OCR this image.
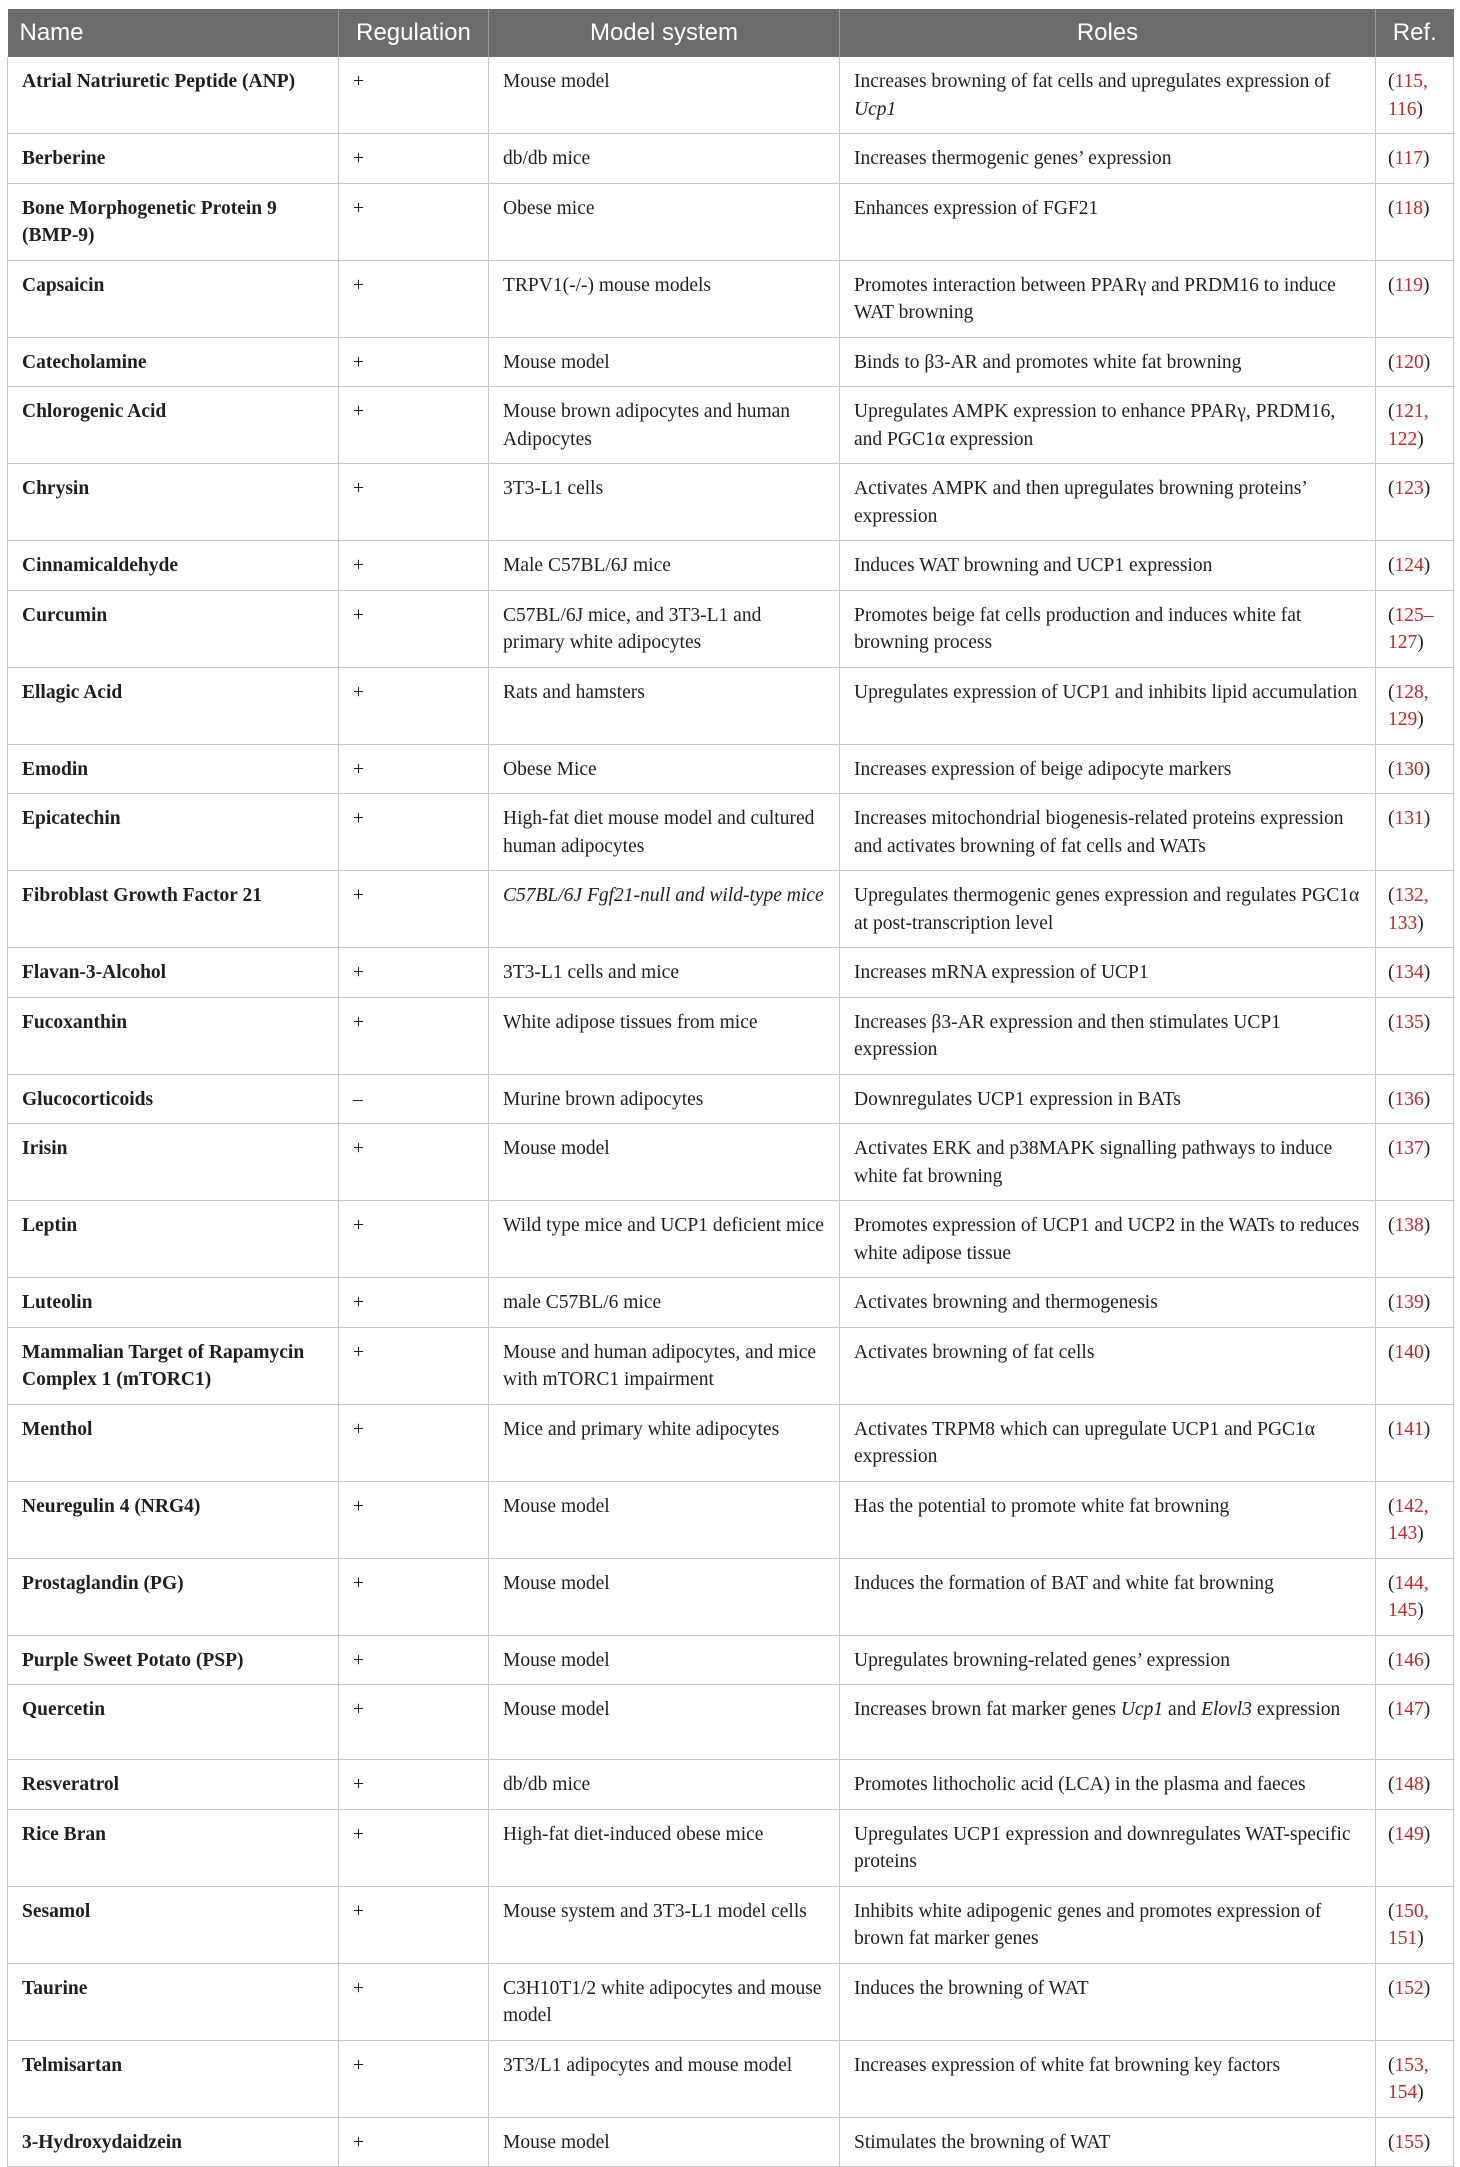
Name	Regulation	Model system	Roles	Ref.
Atrial Natriuretic Peptide (ANP)	+	Mouse model	Increases browning of fat cells and upregulates expression of Ucp1	(115, 116)
Berberine	+	db/db mice	Increases thermogenic genes’ expression	(117)
Bone Morphogenetic Protein 9 (BMP-9)	+	Obese mice	Enhances expression of FGF21	(118)
Capsaicin	+	TRPV1(-/-) mouse models	Promotes interaction between PPARγ and PRDM16 to induce WAT browning	(119)
Catecholamine	+	Mouse model	Binds to β3-AR and promotes white fat browning	(120)
Chlorogenic Acid	+	Mouse brown adipocytes and human Adipocytes	Upregulates AMPK expression to enhance PPARγ, PRDM16, and PGC1α expression	(121, 122)
Chrysin	+	3T3-L1 cells	Activates AMPK and then upregulates browning proteins’ expression	(123)
Cinnamicaldehyde	+	Male C57BL/6J mice	Induces WAT browning and UCP1 expression	(124)
Curcumin	+	C57BL/6J mice, and 3T3-L1 and primary white adipocytes	Promotes beige fat cells production and induces white fat browning process	(125–127)
Ellagic Acid	+	Rats and hamsters	Upregulates expression of UCP1 and inhibits lipid accumulation	(128, 129)
Emodin	+	Obese Mice	Increases expression of beige adipocyte markers	(130)
Epicatechin	+	High-fat diet mouse model and cultured human adipocytes	Increases mitochondrial biogenesis-related proteins expression and activates browning of fat cells and WATs	(131)
Fibroblast Growth Factor 21	+	C57BL/6J Fgf21-null and wild-type mice	Upregulates thermogenic genes expression and regulates PGC1α at post-transcription level	(132, 133)
Flavan-3-Alcohol	+	3T3-L1 cells and mice	Increases mRNA expression of UCP1	(134)
Fucoxanthin	+	White adipose tissues from mice	Increases β3-AR expression and then stimulates UCP1 expression	(135)
Glucocorticoids	–	Murine brown adipocytes	Downregulates UCP1 expression in BATs	(136)
Irisin	+	Mouse model	Activates ERK and p38MAPK signalling pathways to induce white fat browning	(137)
Leptin	+	Wild type mice and UCP1 deficient mice	Promotes expression of UCP1 and UCP2 in the WATs to reduces white adipose tissue	(138)
Luteolin	+	male C57BL/6 mice	Activates browning and thermogenesis	(139)
Mammalian Target of Rapamycin Complex 1 (mTORC1)	+	Mouse and human adipocytes, and mice with mTORC1 impairment	Activates browning of fat cells	(140)
Menthol	+	Mice and primary white adipocytes	Activates TRPM8 which can upregulate UCP1 and PGC1α expression	(141)
Neuregulin 4 (NRG4)	+	Mouse model	Has the potential to promote white fat browning	(142, 143)
Prostaglandin (PG)	+	Mouse model	Induces the formation of BAT and white fat browning	(144, 145)
Purple Sweet Potato (PSP)	+	Mouse model	Upregulates browning-related genes’ expression	(146)
Quercetin	+	Mouse model	Increases brown fat marker genes Ucp1 and Elovl3 expression	(147)
Resveratrol	+	db/db mice	Promotes lithocholic acid (LCA) in the plasma and faeces	(148)
Rice Bran	+	High-fat diet-induced obese mice	Upregulates UCP1 expression and downregulates WAT-specific proteins	(149)
Sesamol	+	Mouse system and 3T3-L1 model cells	Inhibits white adipogenic genes and promotes expression of brown fat marker genes	(150, 151)
Taurine	+	C3H10T1/2 white adipocytes and mouse model	Induces the browning of WAT	(152)
Telmisartan	+	3T3/L1 adipocytes and mouse model	Increases expression of white fat browning key factors	(153, 154)
3-Hydroxydaidzein	+	Mouse model	Stimulates the browning of WAT	(155)
